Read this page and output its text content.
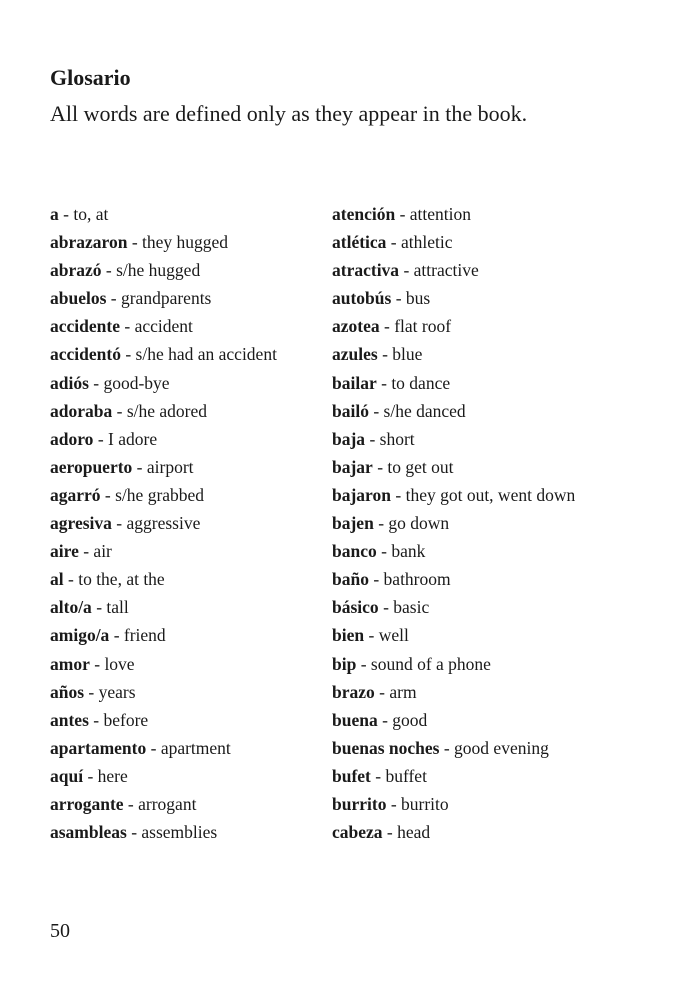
Glosario

All words are defined only as they appear in the book.

a - to, at
abrazaron - they hugged
abrazó - s/he hugged
abuelos - grandparents
accidente - accident
accidentó - s/he had an accident
adiós - good-bye
adoraba - s/he adored
adoro - I adore
aeropuerto - airport
agarró - s/he grabbed
agresiva - aggressive
aire - air
al - to the, at the
alto/a - tall
amigo/a - friend
amor - love
años - years
antes - before
apartamento - apartment
aquí - here
arrogante - arrogant
asambleas - assemblies
atención - attention
atlética - athletic
atractiva - attractive
autobús - bus
azotea - flat roof
azules - blue
bailar - to dance
bailó - s/he danced
baja - short
bajar - to get out
bajaron - they got out, went down
bajen - go down
banco - bank
baño - bathroom
básico - basic
bien - well
bip - sound of a phone
brazo - arm
buena - good
buenas noches - good evening
bufet - buffet
burrito - burrito
cabeza - head

50
